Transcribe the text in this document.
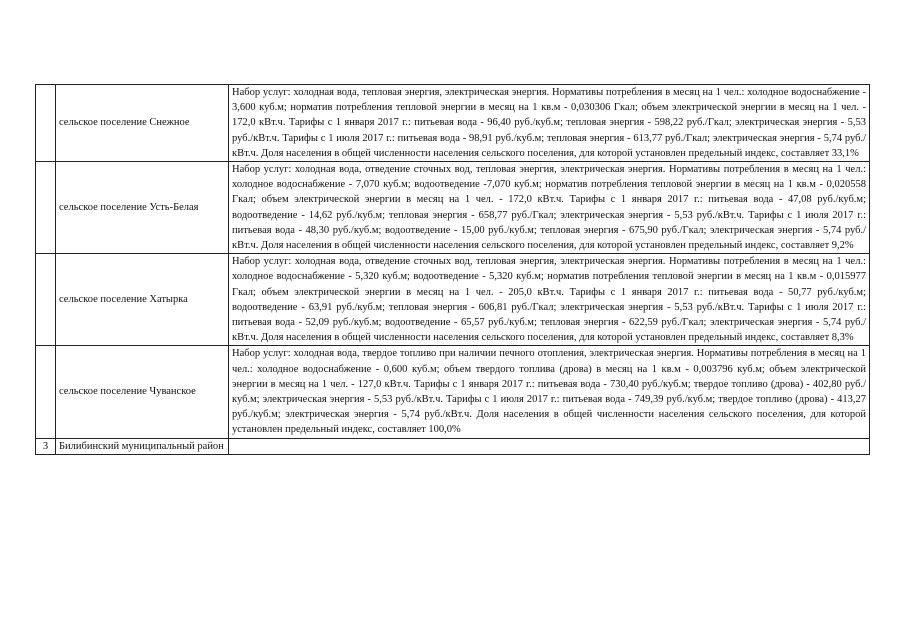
	сельское поселение Снежное	Набор услуг: холодная вода, тепловая энергия, электрическая энергия. Нормативы потребления в месяц на 1 чел.: холодное водоснабжение - 3,600 куб.м; норматив потребления тепловой энергии в месяц на 1 кв.м - 0,030306 Гкал; объем электрической энергии в месяц на 1 чел. - 172,0 кВт.ч. Тарифы с 1 января 2017 г.: питьевая вода - 96,40 руб./куб.м; тепловая энергия - 598,22 руб./Гкал; электрическая энергия - 5,53 руб./кВт.ч. Тарифы с 1 июля 2017 г.: питьевая вода - 98,91 руб./куб.м; тепловая энергия - 613,77 руб./Гкал; электрическая энергия - 5,74 руб./кВт.ч. Доля населения в общей численности населения сельского поселения, для которой установлен предельный индекс, составляет 33,1%
	сельское поселение Усть-Белая	Набор услуг: холодная вода, отведение сточных вод, тепловая энергия, электрическая энергия. Нормативы потребления в месяц на 1 чел.: холодное водоснабжение - 7,070 куб.м; водоотведение -7,070 куб.м; норматив потребления тепловой энергии в месяц на 1 кв.м - 0,020558 Гкал; объем электрической энергии в месяц на 1 чел. - 172,0 кВт.ч. Тарифы с 1 января 2017 г.: питьевая вода - 47,08 руб./куб.м; водоотведение - 14,62 руб./куб.м; тепловая энергия - 658,77 руб./Гкал; электрическая энергия - 5,53 руб./кВт.ч. Тарифы с 1 июля 2017 г.: питьевая вода - 48,30 руб./куб.м; водоотведение - 15,00 руб./куб.м; тепловая энергия - 675,90 руб./Гкал; электрическая энергия - 5,74 руб./кВт.ч. Доля населения в общей численности населения сельского поселения, для которой установлен предельный индекс, составляет 9,2%
	сельское поселение Хатырка	Набор услуг: холодная вода, отведение сточных вод, тепловая энергия, электрическая энергия. Нормативы потребления в месяц на 1 чел.: холодное водоснабжение - 5,320 куб.м; водоотведение - 5,320 куб.м; норматив потребления тепловой энергии в месяц на 1 кв.м - 0,015977 Гкал; объем электрической энергии в месяц на 1 чел. - 205,0 кВт.ч. Тарифы с 1 января 2017 г.: питьевая вода - 50,77 руб./куб.м; водоотведение - 63,91 руб./куб.м; тепловая энергия - 606,81 руб./Гкал; электрическая энергия - 5,53 руб./кВт.ч. Тарифы с 1 июля 2017 г.: питьевая вода - 52,09 руб./куб.м; водоотведение - 65,57 руб./куб.м; тепловая энергия - 622,59 руб./Гкал; электрическая энергия - 5,74 руб./кВт.ч. Доля населения в общей численности населения сельского поселения, для которой установлен предельный индекс, составляет 8,3%
	сельское поселение Чуванское	Набор услуг: холодная вода, твердое топливо при наличии печного отопления, электрическая энергия. Нормативы потребления в месяц на 1 чел.: холодное водоснабжение - 0,600 куб.м; объем твердого топлива (дрова) в месяц на 1 кв.м - 0,003796 куб.м; объем электрической энергии в месяц на 1 чел. - 127,0 кВт.ч. Тарифы с 1 января 2017 г.: питьевая вода - 730,40 руб./куб.м; твердое топливо (дрова) - 402,80 руб./куб.м; электрическая энергия - 5,53 руб./кВт.ч. Тарифы с 1 июля 2017 г.: питьевая вода - 749,39 руб./куб.м; твердое топливо (дрова) - 413,27 руб./куб.м; электрическая энергия - 5,74 руб./кВт.ч. Доля населения в общей численности населения сельского поселения, для которой установлен предельный индекс, составляет 100,0%
3	Билибинский муниципальный район	
